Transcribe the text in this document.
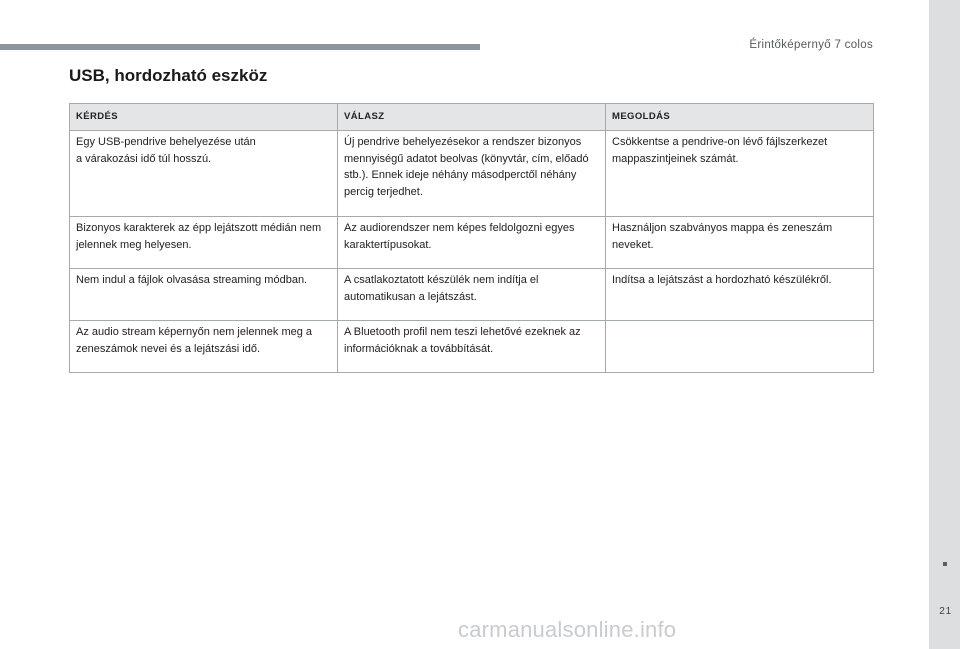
Érintőképernyő 7 colos
21
USB, hordozható eszköz
KÉRDÉS	VÁLASZ	MEGOLDÁS
Egy USB-pendrive behelyezése után
a várakozási idő túl hosszú.	Új pendrive behelyezésekor a rendszer bizonyos mennyiségű adatot beolvas (könyvtár, cím, előadó stb.). Ennek ideje néhány másodperctől néhány percig terjedhet.	Csökkentse a pendrive-on lévő fájlszerkezet mappaszintjeinek számát.
Bizonyos karakterek az épp lejátszott médián nem jelennek meg helyesen.	Az audiorendszer nem képes feldolgozni egyes karaktertípusokat.	Használjon szabványos mappa és zeneszám neveket.
Nem indul a fájlok olvasása streaming módban.	A csatlakoztatott készülék nem indítja el automatikusan a lejátszást.	Indítsa a lejátszást a hordozható készülékről.
Az audio stream képernyőn nem jelennek meg a zeneszámok nevei és a lejátszási idő.	A Bluetooth profil nem teszi lehetővé ezeknek az információknak a továbbítását.	
carmanualsonline.info
